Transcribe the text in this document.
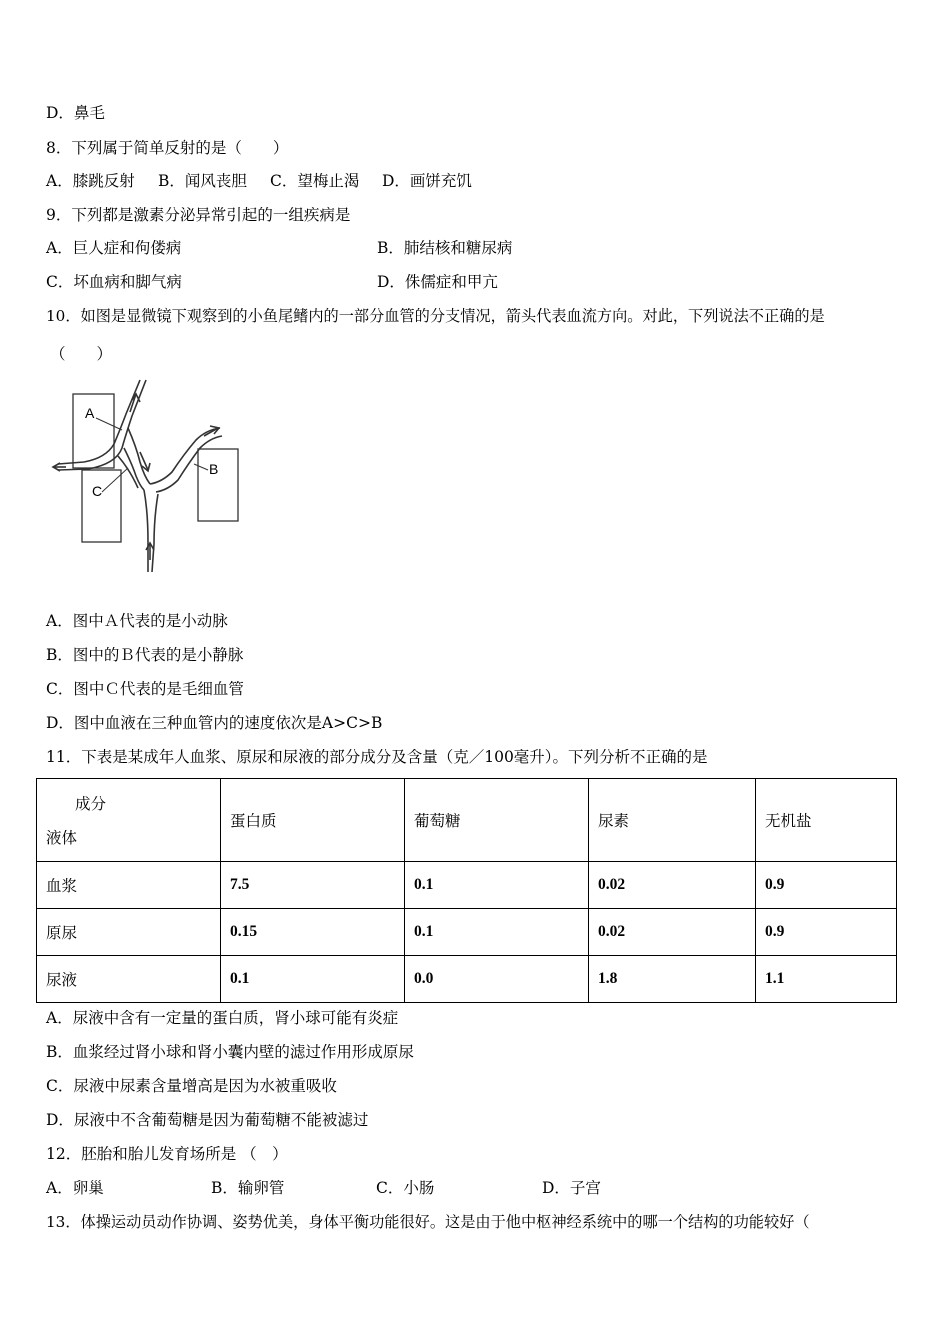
D．鼻毛
8．下列属于简单反射的是（　　）
A．膝跳反射 B．闻风丧胆 C．望梅止渴 D．画饼充饥
9．下列都是激素分泌异常引起的一组疾病是
A．巨人症和佝偻病	B．肺结核和糖尿病
C．坏血病和脚气病	D．侏儒症和甲亢
10．如图是显微镜下观察到的小鱼尾鳍内的一部分血管的分支情况，箭头代表血流方向。对此，下列说法不正确的是
（　　）
A
C
B
A．图中Ａ代表的是小动脉
B．图中的Ｂ代表的是小静脉
C．图中Ｃ代表的是毛细血管
D．图中血液在三种血管内的速度依次是A>C>B
11．下表是某成年人血浆、原尿和尿液的部分成分及含量（克／100毫升）。下列分析不正确的是
成分
液体	蛋白质	葡萄糖	尿素	无机盐
血浆	7.5	0.1	0.02	0.9
原尿	0.15	0.1	0.02	0.9
尿液	0.1	0.0	1.8	1.1
A．尿液中含有一定量的蛋白质，肾小球可能有炎症
B．血浆经过肾小球和肾小囊内壁的滤过作用形成原尿
C．尿液中尿素含量增高是因为水被重吸收
D．尿液中不含葡萄糖是因为葡萄糖不能被滤过
12．胚胎和胎儿发育场所是 （　）
A．卵巢	B．输卵管	C．小肠	D．子宫
13．体操运动员动作协调、姿势优美，身体平衡功能很好。这是由于他中枢神经系统中的哪一个结构的功能较好（
